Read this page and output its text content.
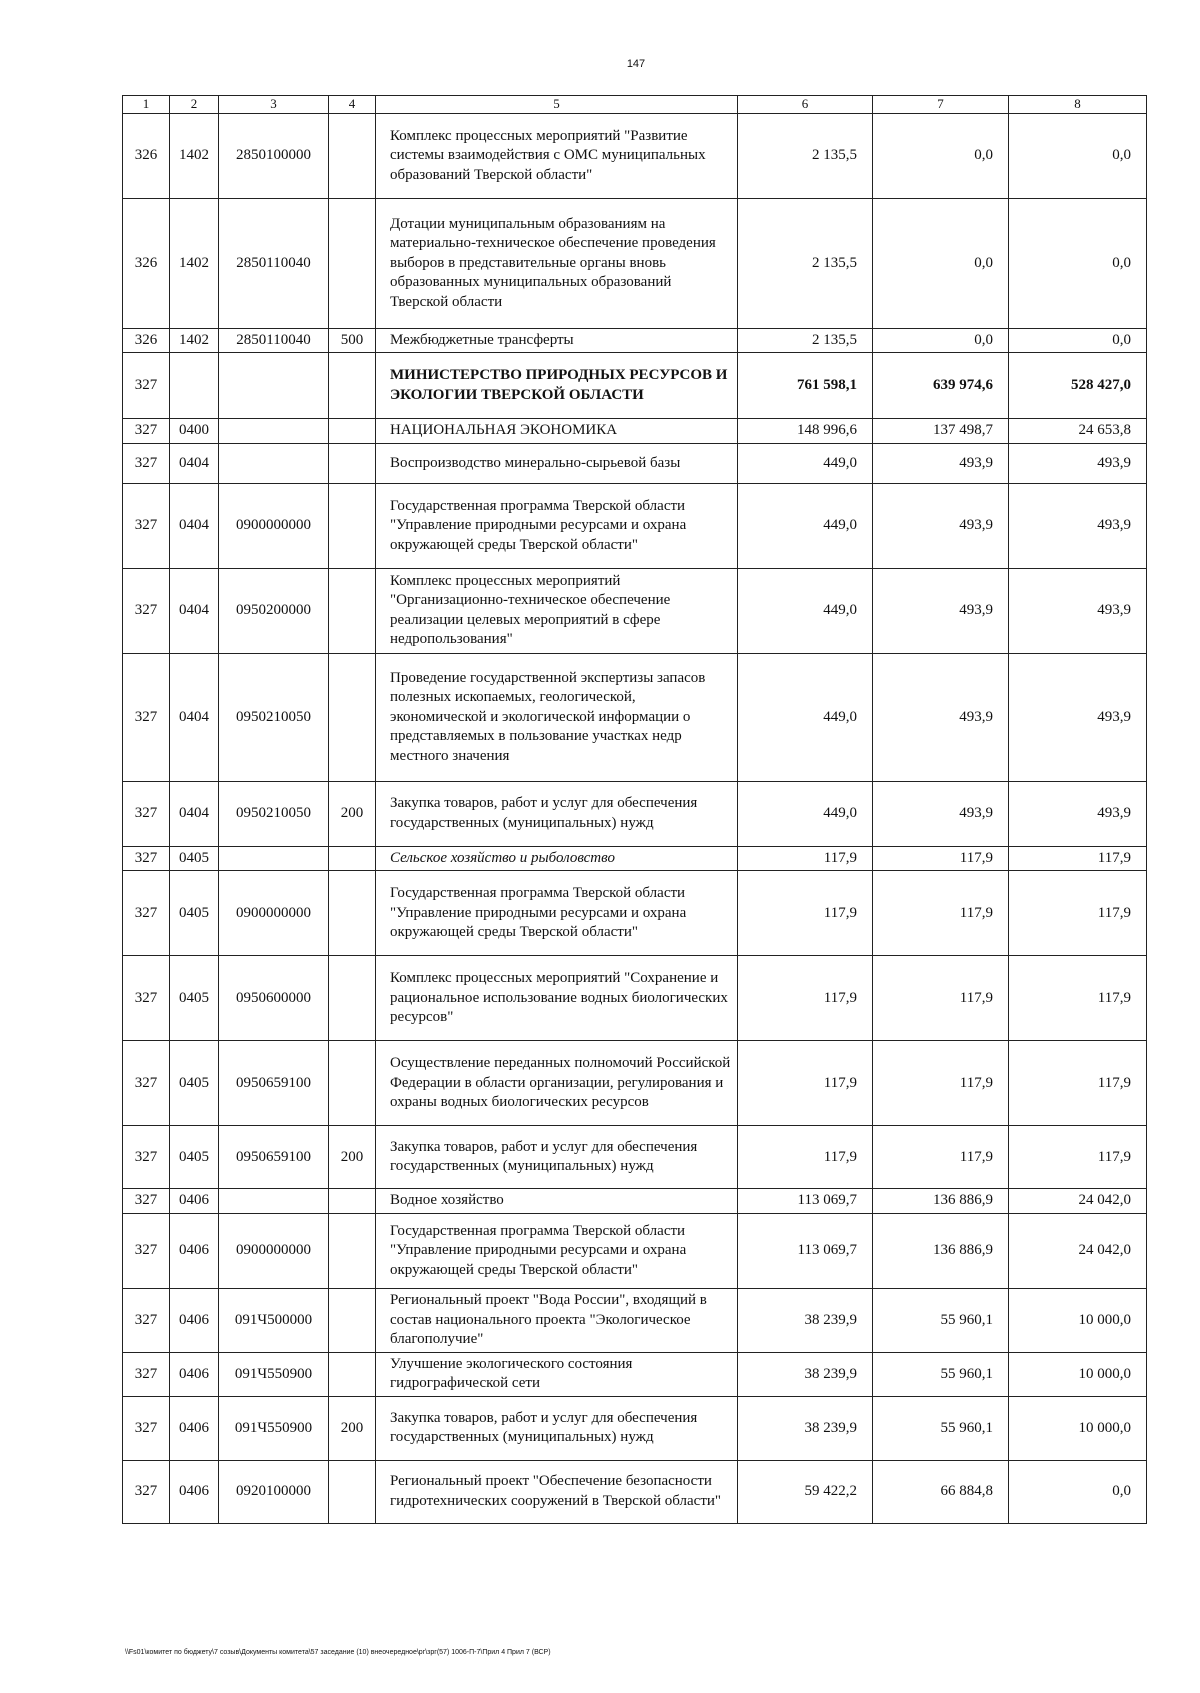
147
1	2	3	4	5	6	7	8
326	1402	2850100000		Комплекс процессных мероприятий "Развитие системы взаимодействия с ОМС муниципальных образований Тверской области"	2 135,5	0,0	0,0
326	1402	2850110040		Дотации муниципальным образованиям на материально-техническое обеспечение проведения выборов в представительные органы вновь образованных муниципальных образований Тверской области	2 135,5	0,0	0,0
326	1402	2850110040	500	Межбюджетные трансферты	2 135,5	0,0	0,0
327				МИНИСТЕРСТВО ПРИРОДНЫХ РЕСУРСОВ И ЭКОЛОГИИ ТВЕРСКОЙ ОБЛАСТИ	761 598,1	639 974,6	528 427,0
327	0400			НАЦИОНАЛЬНАЯ ЭКОНОМИКА	148 996,6	137 498,7	24 653,8
327	0404			Воспроизводство минерально-сырьевой базы	449,0	493,9	493,9
327	0404	0900000000		Государственная программа Тверской области "Управление природными ресурсами и охрана окружающей среды Тверской области"	449,0	493,9	493,9
327	0404	0950200000		Комплекс процессных мероприятий "Организационно-техническое обеспечение реализации целевых мероприятий в сфере недропользования"	449,0	493,9	493,9
327	0404	0950210050		Проведение государственной экспертизы запасов полезных ископаемых, геологической, экономической и экологической информации о представляемых в пользование участках недр местного значения	449,0	493,9	493,9
327	0404	0950210050	200	Закупка товаров, работ и услуг для обеспечения государственных (муниципальных) нужд	449,0	493,9	493,9
327	0405			Сельское хозяйство и рыболовство	117,9	117,9	117,9
327	0405	0900000000		Государственная программа Тверской области "Управление природными ресурсами и охрана окружающей среды Тверской области"	117,9	117,9	117,9
327	0405	0950600000		Комплекс процессных мероприятий "Сохранение и рациональное использование водных биологических ресурсов"	117,9	117,9	117,9
327	0405	0950659100		Осуществление переданных полномочий Российской Федерации в области организации, регулирования и охраны водных биологических ресурсов	117,9	117,9	117,9
327	0405	0950659100	200	Закупка товаров, работ и услуг для обеспечения государственных (муниципальных) нужд	117,9	117,9	117,9
327	0406			Водное хозяйство	113 069,7	136 886,9	24 042,0
327	0406	0900000000		Государственная программа Тверской области "Управление природными ресурсами и охрана окружающей среды Тверской области"	113 069,7	136 886,9	24 042,0
327	0406	091Ч500000		Региональный проект "Вода России", входящий в состав национального проекта "Экологическое благополучие"	38 239,9	55 960,1	10 000,0
327	0406	091Ч550900		Улучшение экологического состояния гидрографической сети	38 239,9	55 960,1	10 000,0
327	0406	091Ч550900	200	Закупка товаров, работ и услуг для обеспечения государственных (муниципальных) нужд	38 239,9	55 960,1	10 000,0
327	0406	0920100000		Региональный проект "Обеспечение безопасности гидротехнических сооружений в Тверской области"	59 422,2	66 884,8	0,0
\\Fs01\комитет по бюджету\7 созыв\Документы комитета\57 заседание (10) внеочередное\рг\зрг(57) 1006-П-7\Прил 4 Прил 7 (ВСР)
